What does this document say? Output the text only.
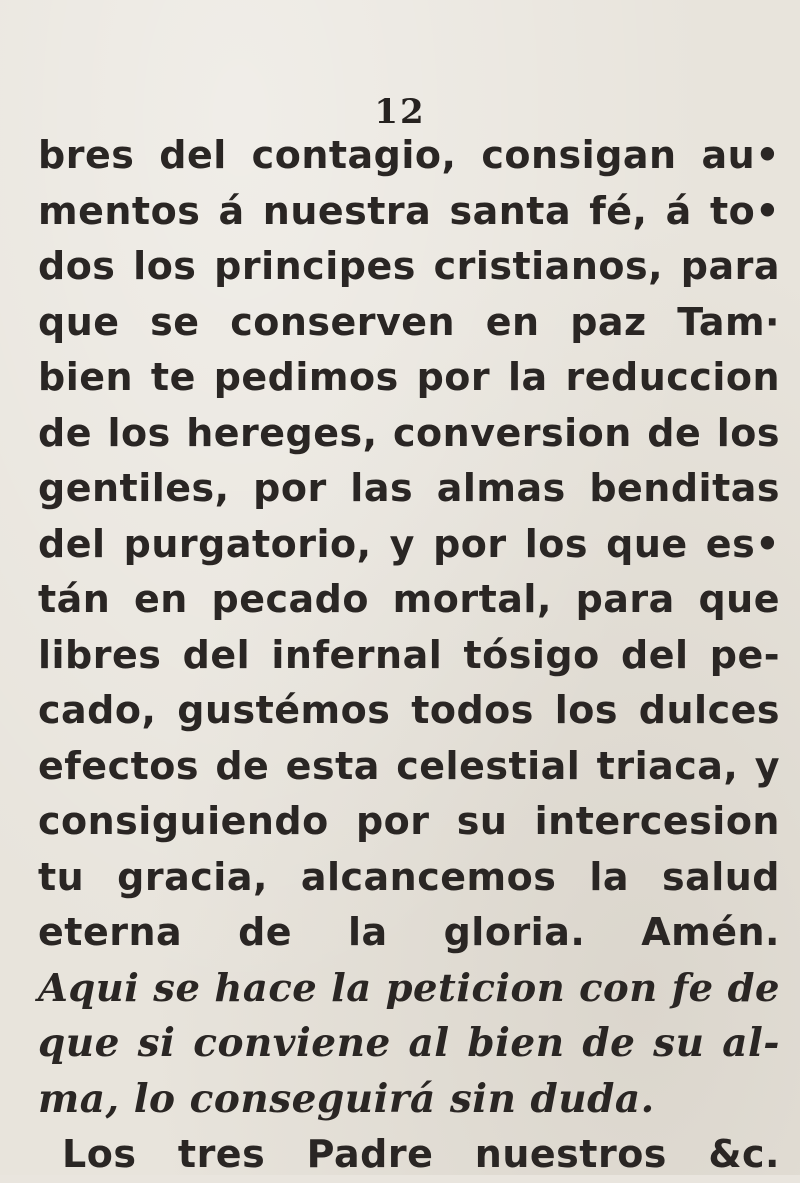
12
bres del contagio, consigan au•
mentos á nuestra santa fé, á to•
dos los principes cristianos, para
que se conserven en paz Tam·
bien te pedimos por la reduccion
de los hereges, conversion de los
gentiles, por las almas benditas
del purgatorio, y por los que es•
tán en pecado mortal, para que
libres del infernal tósigo del pe-
cado, gustémos todos los dulces
efectos de esta celestial triaca, y
consiguiendo por su intercesion
tu gracia, alcancemos la salud
eterna de la gloria. Amén.
Aqui se hace la peticion con fe de
que si conviene al bien de su al-
ma, lo conseguirá sin duda.
Los tres Padre nuestros &c.
